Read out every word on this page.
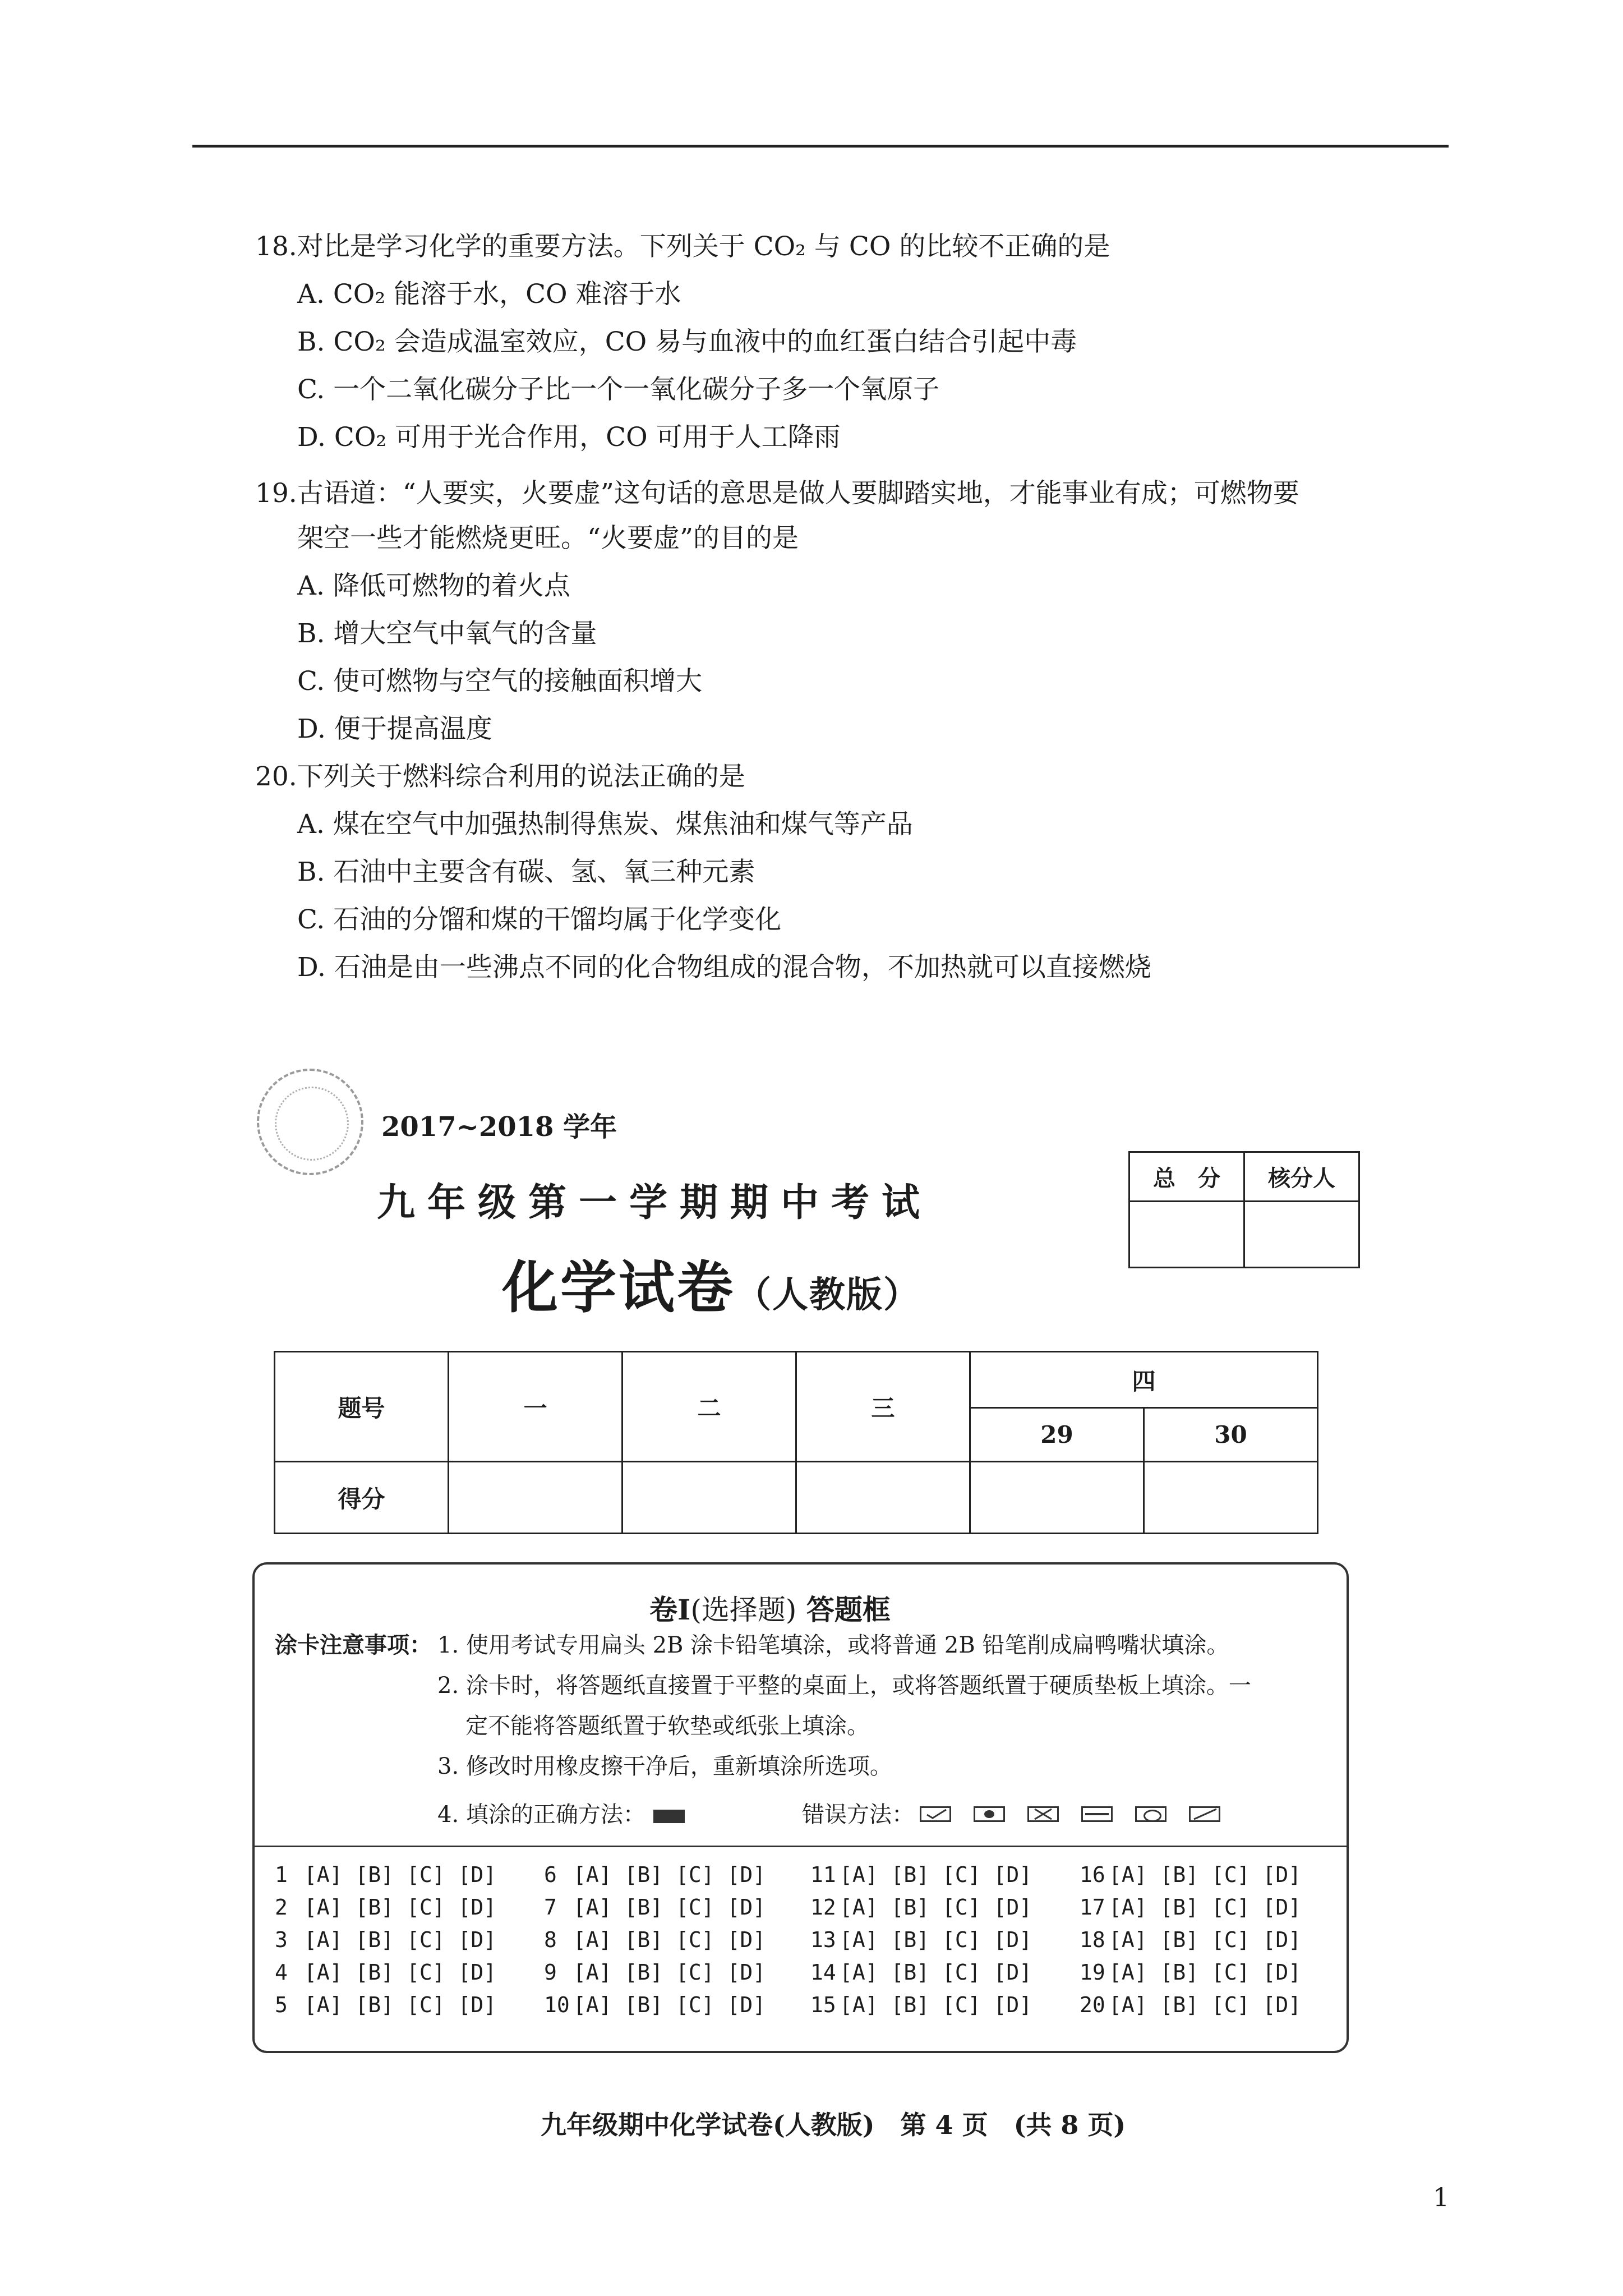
18.对比是学习化学的重要方法。下列关于 CO₂ 与 CO 的比较不正确的是
A. CO₂ 能溶于水，CO 难溶于水
B. CO₂ 会造成温室效应，CO 易与血液中的血红蛋白结合引起中毒
C. 一个二氧化碳分子比一个一氧化碳分子多一个氧原子
D. CO₂ 可用于光合作用，CO 可用于人工降雨
19.古语道：“人要实，火要虚”这句话的意思是做人要脚踏实地，才能事业有成；可燃物要
架空一些才能燃烧更旺。“火要虚”的目的是
A. 降低可燃物的着火点
B. 增大空气中氧气的含量
C. 使可燃物与空气的接触面积增大
D. 便于提高温度
20.下列关于燃料综合利用的说法正确的是
A. 煤在空气中加强热制得焦炭、煤焦油和煤气等产品
B. 石油中主要含有碳、氢、氧三种元素
C. 石油的分馏和煤的干馏均属于化学变化
D. 石油是由一些沸点不同的化合物组成的混合物，不加热就可以直接燃烧
2017~2018 学年
九年级第一学期期中考试
化学试卷（人教版）
总　分	核分人

题号	一	二	三	四	
				29	30
得分					
卷Ⅰ(选择题) 答题框
涂卡注意事项： 1. 使用考试专用扁头 2B 涂卡铅笔填涂，或将普通 2B 铅笔削成扁鸭嘴状填涂。
2. 涂卡时，将答题纸直接置于平整的桌面上，或将答题纸置于硬质垫板上填涂。一
定不能将答题纸置于软垫或纸张上填涂。
3. 修改时用橡皮擦干净后，重新填涂所选项。
4. 填涂的正确方法：	错误方法：
1 [A] [B] [C] [D]
2 [A] [B] [C] [D]
3 [A] [B] [C] [D]
4 [A] [B] [C] [D]
5 [A] [B] [C] [D]
6 [A] [B] [C] [D]
7 [A] [B] [C] [D]
8 [A] [B] [C] [D]
9 [A] [B] [C] [D]
10 [A] [B] [C] [D]
11 [A] [B] [C] [D]
12 [A] [B] [C] [D]
13 [A] [B] [C] [D]
14 [A] [B] [C] [D]
15 [A] [B] [C] [D]
16 [A] [B] [C] [D]
17 [A] [B] [C] [D]
18 [A] [B] [C] [D]
19 [A] [B] [C] [D]
20 [A] [B] [C] [D]
九年级期中化学试卷(人教版)　第 4 页　(共 8 页)
1
